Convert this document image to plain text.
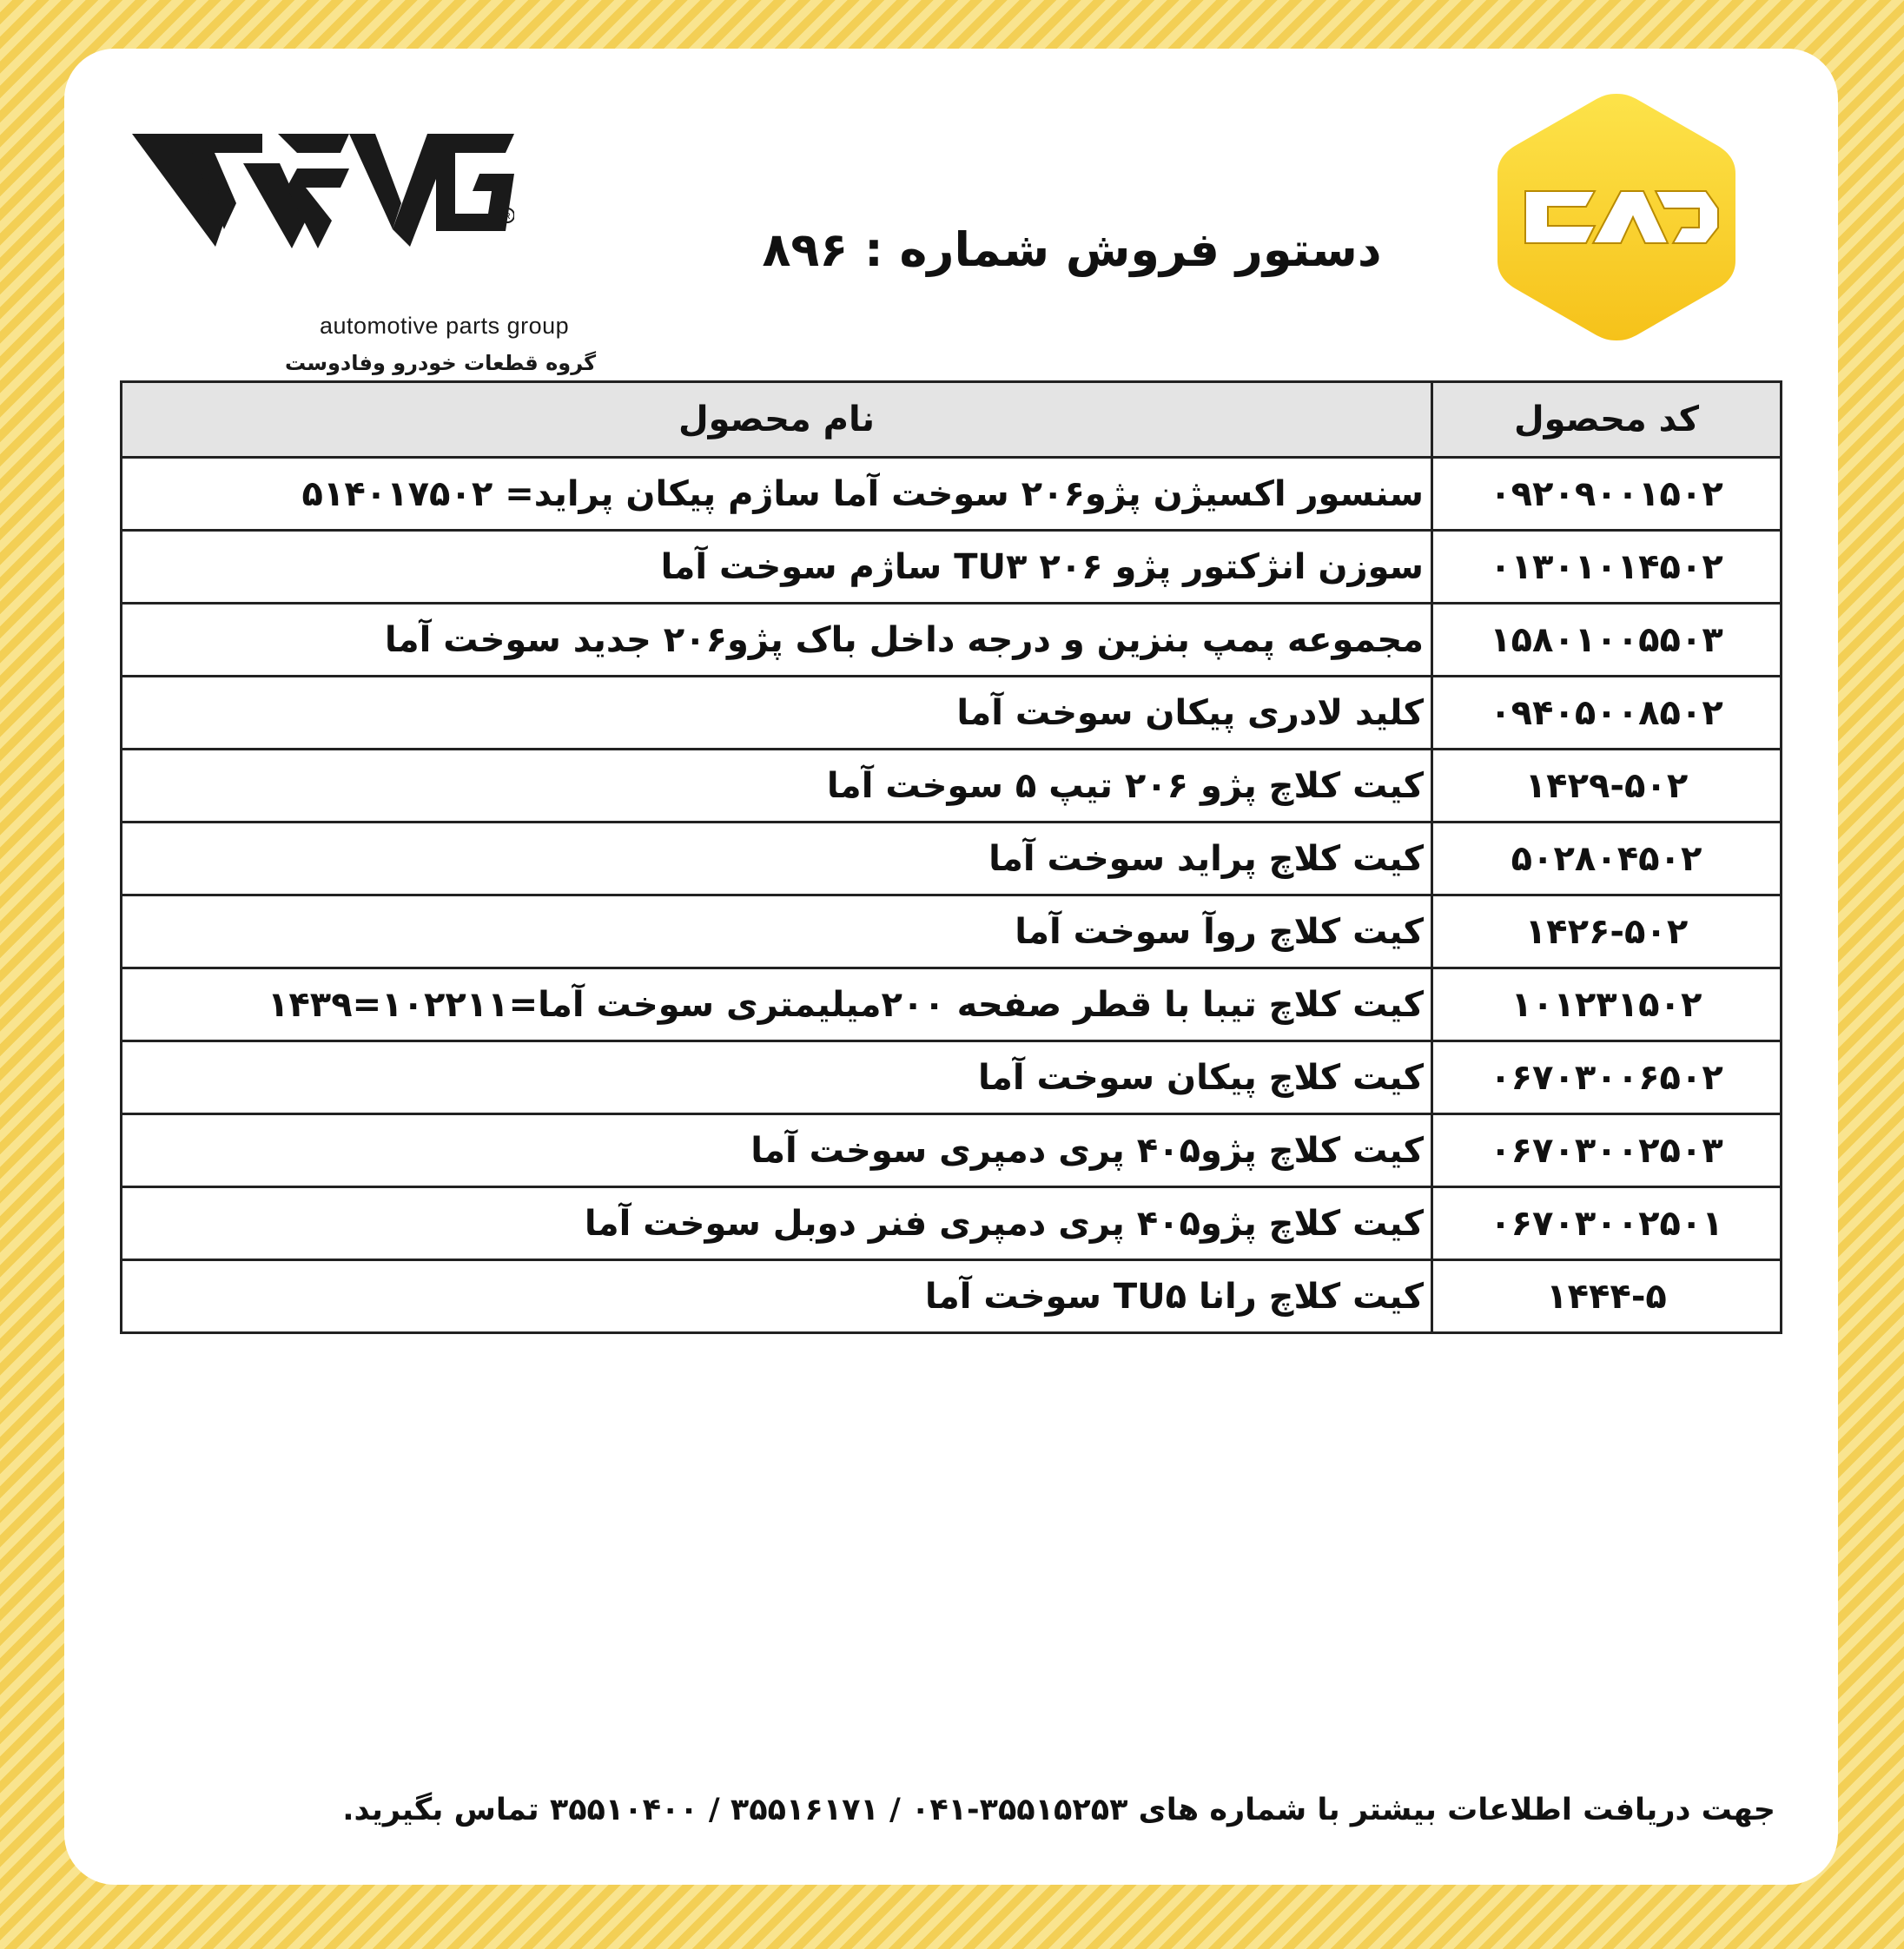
R
automotive parts group
گروه قطعات خودرو وفادوست
دستور فروش شماره : ۸۹۶
کد محصول	نام محصول
۰۹۲۰۹۰۰۱۵۰۲	سنسور اکسیژن پژو۲۰۶ سوخت آما ساژم پیکان پراید= ۵۱۴۰۱۷۵۰۲
۰۱۳۰۱۰۱۴۵۰۲	سوزن انژکتور پژو ۲۰۶ TU۳ ساژم سوخت آما
۱۵۸۰۱۰۰۵۵۰۳	مجموعه پمپ بنزین و درجه داخل باک پژو۲۰۶ جدید سوخت آما
۰۹۴۰۵۰۰۸۵۰۲	کلید لادری پیکان سوخت آما
۱۴۲۹-۵۰۲	کیت کلاچ پژو ۲۰۶ تیپ ۵ سوخت آما
۵۰۲۸۰۴۵۰۲	کیت کلاچ پراید سوخت آما
۱۴۲۶-۵۰۲	کیت کلاچ روآ سوخت آما
۱۰۱۲۳۱۵۰۲	کیت کلاچ تیبا با قطر صفحه ۲۰۰میلیمتری سوخت آما=۱۰۲۲۱۱=۱۴۳۹
۰۶۷۰۳۰۰۶۵۰۲	کیت کلاچ پیکان سوخت آما
۰۶۷۰۳۰۰۲۵۰۳	کیت کلاچ پژو۴۰۵ پری دمپری سوخت آما
۰۶۷۰۳۰۰۲۵۰۱	کیت کلاچ پژو۴۰۵ پری دمپری فنر دوبل سوخت آما
۱۴۴۴-۵	کیت کلاچ رانا TU۵ سوخت آما
جهت دریافت اطلاعات بیشتر با شماره های ۳۵۵۱۵۲۵۳-۰۴۱ / ۳۵۵۱۶۱۷۱ / ۳۵۵۱۰۴۰۰ تماس بگیرید.
